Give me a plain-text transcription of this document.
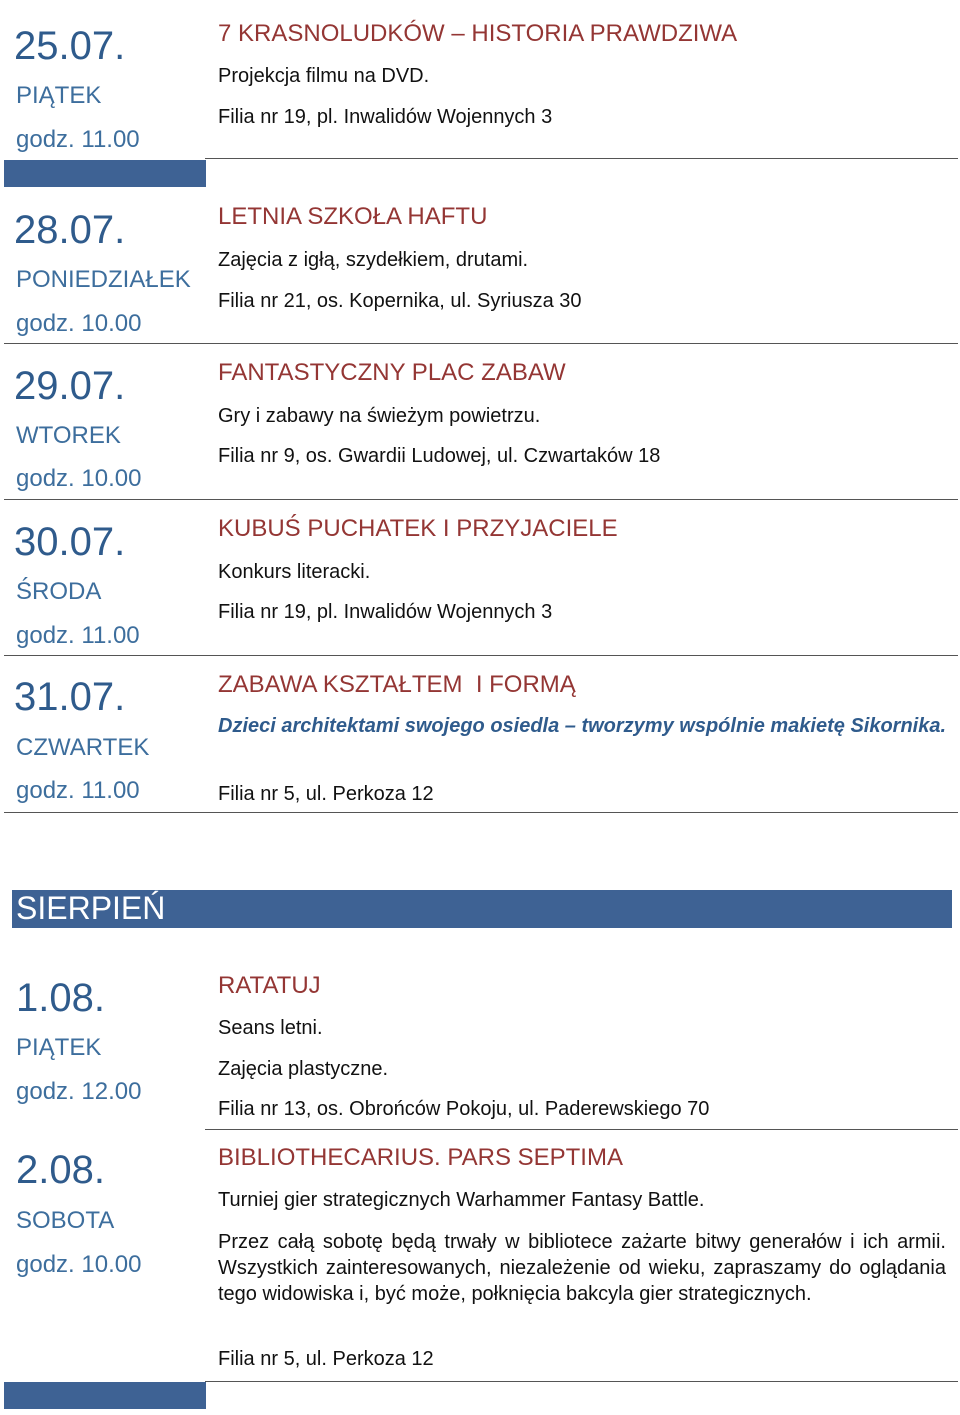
25.07.
PIĄTEK
godz. 11.00
7 KRASNOLUDKÓW – HISTORIA PRAWDZIWA
Projekcja filmu na DVD.
Filia nr 19, pl. Inwalidów Wojennych 3
28.07.
PONIEDZIAŁEK
godz. 10.00
LETNIA SZKOŁA HAFTU
Zajęcia z igłą, szydełkiem, drutami.
Filia nr 21, os. Kopernika, ul. Syriusza 30
29.07.
WTOREK
godz. 10.00
FANTASTYCZNY PLAC ZABAW
Gry i zabawy na świeżym powietrzu.
Filia nr 9, os. Gwardii Ludowej, ul. Czwartaków 18
30.07.
ŚRODA
godz. 11.00
KUBUŚ PUCHATEK I PRZYJACIELE
Konkurs literacki.
Filia nr 19, pl. Inwalidów Wojennych 3
31.07.
CZWARTEK
godz. 11.00
ZABAWA KSZTAŁTEM  I FORMĄ
Dzieci architektami swojego osiedla – tworzymy wspólnie makietę Sikornika.
Filia nr 5, ul. Perkoza 12
SIERPIEŃ
1.08.
PIĄTEK
godz. 12.00
RATATUJ
Seans letni.
Zajęcia plastyczne.
Filia nr 13, os. Obrońców Pokoju, ul. Paderewskiego 70
2.08.
SOBOTA
godz. 10.00
BIBLIOTHECARIUS. PARS SEPTIMA
Turniej gier strategicznych Warhammer Fantasy Battle.
Przez całą sobotę będą trwały w bibliotece zażarte bitwy generałów i ich armii. Wszystkich zainteresowanych, niezależenie od wieku, zapraszamy do oglądania tego widowiska i, być może, połknięcia bakcyla gier strategicznych.
Filia nr 5, ul. Perkoza 12
